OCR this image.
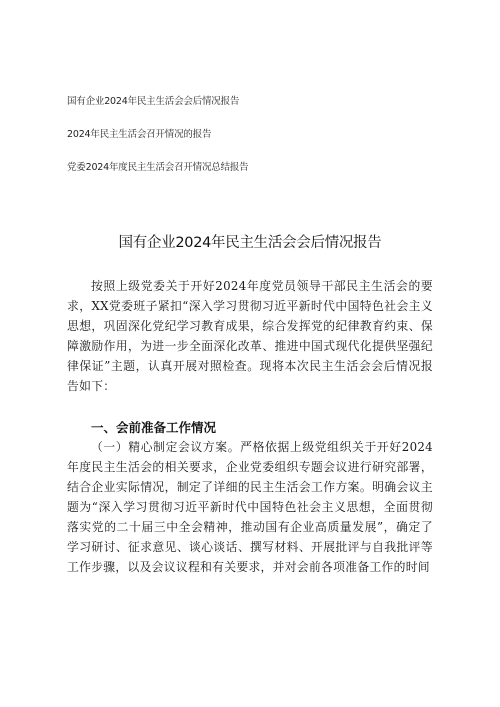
国有企业2024年民主生活会会后情况报告
2024年民主生活会召开情况的报告
党委2024年度民主生活会召开情况总结报告
国有企业2024年民主生活会会后情况报告

按照上级党委关于开好2024年度党员领导干部民主生活会的要求，XX党委班子紧扣“深入学习贯彻习近平新时代中国特色社会主义思想，巩固深化党纪学习教育成果，综合发挥党的纪律教育约束、保障激励作用，为进一步全面深化改革、推进中国式现代化提供坚强纪律保证”主题，认真开展对照检查。现将本次民主生活会会后情况报告如下：

一、会前准备工作情况

（一）精心制定会议方案。严格依据上级党组织关于开好2024年度民主生活会的相关要求，企业党委组织专题会议进行研究部署，结合企业实际情况，制定了详细的民主生活会工作方案。明确会议主题为“深入学习贯彻习近平新时代中国特色社会主义思想，全面贯彻落实党的二十届三中全会精神，推动国有企业高质量发展”，确定了学习研讨、征求意见、谈心谈话、撰写材料、开展批评与自我批评等工作步骤，以及会议议程和有关要求，并对会前各项准备工作的时间
